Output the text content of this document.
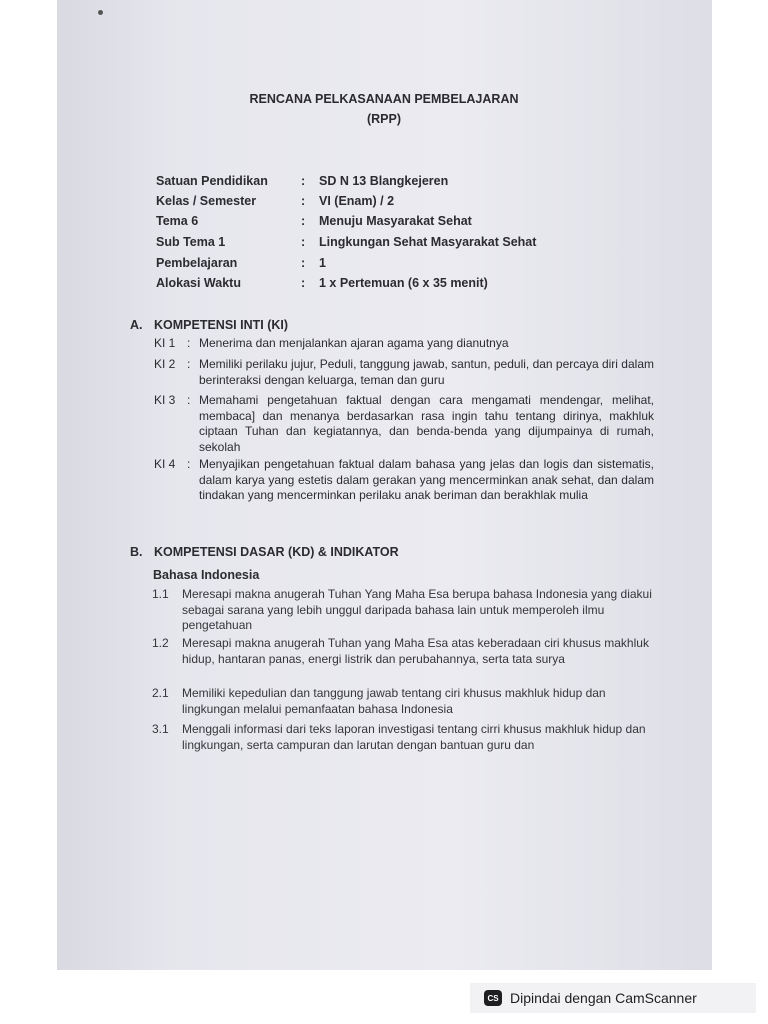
RENCANA PELKASANAAN PEMBELAJARAN
(RPP)
Satuan Pendidikan	: SD N 13 Blangkejeren
Kelas / Semester	: VI (Enam) / 2
Tema 6	: Menuju Masyarakat Sehat
Sub Tema 1	: Lingkungan Sehat Masyarakat Sehat
Pembelajaran	: 1
Alokasi Waktu	: 1 x Pertemuan (6 x 35 menit)
A. KOMPETENSI INTI (KI)
KI 1 : Menerima dan menjalankan ajaran agama yang dianutnya
KI 2 : Memiliki perilaku jujur, Peduli, tanggung jawab, santun, peduli, dan percaya diri dalam berinteraksi dengan keluarga, teman dan guru
KI 3 : Memahami pengetahuan faktual dengan cara mengamati mendengar, melihat, membaca] dan menanya berdasarkan rasa ingin tahu tentang dirinya, makhluk ciptaan Tuhan dan kegiatannya, dan benda-benda yang dijumpainya di rumah, sekolah
KI 4 : Menyajikan pengetahuan faktual dalam bahasa yang jelas dan logis dan sistematis, dalam karya yang estetis dalam gerakan yang mencerminkan anak sehat, dan dalam tindakan yang mencerminkan perilaku anak beriman dan berakhlak mulia
B. KOMPETENSI DASAR (KD) & INDIKATOR
Bahasa Indonesia
1.1 Meresapi makna anugerah Tuhan Yang Maha Esa berupa bahasa Indonesia yang diakui sebagai sarana yang lebih unggul daripada bahasa lain untuk memperoleh ilmu pengetahuan
1.2 Meresapi makna anugerah Tuhan yang Maha Esa atas keberadaan ciri khusus makhluk hidup, hantaran panas, energi listrik dan perubahannya, serta tata surya
2.1 Memiliki kepedulian dan tanggung jawab tentang ciri khusus makhluk hidup dan lingkungan melalui pemanfaatan bahasa Indonesia
3.1 Menggali informasi dari teks laporan investigasi tentang cirri khusus makhluk hidup dan lingkungan, serta campuran dan larutan dengan bantuan guru dan
CS Dipindai dengan CamScanner
